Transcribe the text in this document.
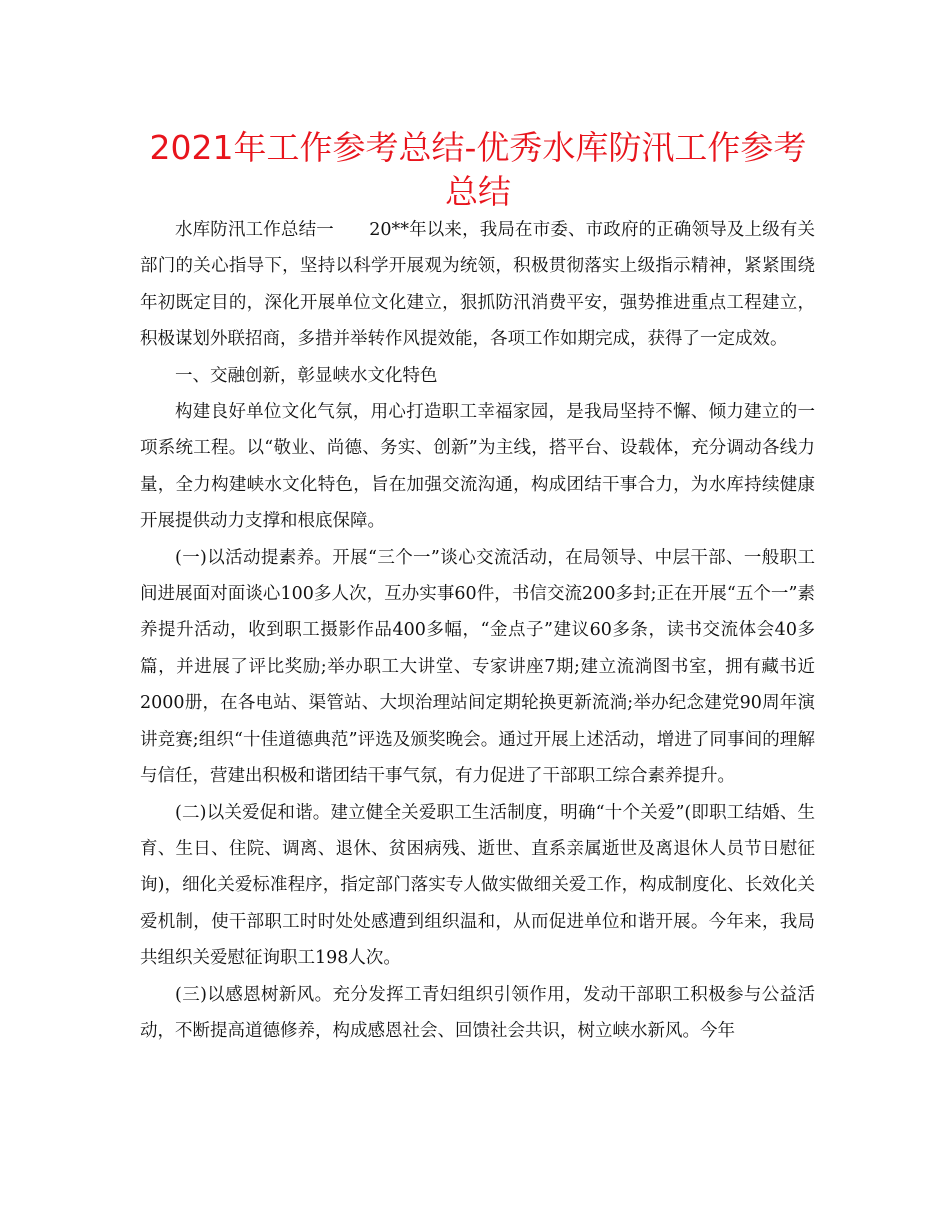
2021年工作参考总结-优秀水库防汛工作参考总结

水库防汛工作总结一　　20**年以来，我局在市委、市政府的正确领导及上级有关部门的关心指导下，坚持以科学开展观为统领，积极贯彻落实上级指示精神，紧紧围绕年初既定目的，深化开展单位文化建立，狠抓防汛消费平安，强势推进重点工程建立，积极谋划外联招商，多措并举转作风提效能，各项工作如期完成，获得了一定成效。

一、交融创新，彰显峡水文化特色

构建良好单位文化气氛，用心打造职工幸福家园，是我局坚持不懈、倾力建立的一项系统工程。以“敬业、尚德、务实、创新”为主线，搭平台、设载体，充分调动各线力量，全力构建峡水文化特色，旨在加强交流沟通，构成团结干事合力，为水库持续健康开展提供动力支撑和根底保障。

(一)以活动提素养。开展“三个一”谈心交流活动，在局领导、中层干部、一般职工间进展面对面谈心100多人次，互办实事60件，书信交流200多封;正在开展“五个一”素养提升活动，收到职工摄影作品400多幅，“金点子”建议60多条，读书交流体会40多篇，并进展了评比奖励;举办职工大讲堂、专家讲座7期;建立流淌图书室，拥有藏书近2000册，在各电站、渠管站、大坝治理站间定期轮换更新流淌;举办纪念建党90周年演讲竞赛;组织“十佳道德典范”评选及颁奖晚会。通过开展上述活动，增进了同事间的理解与信任，营建出积极和谐团结干事气氛，有力促进了干部职工综合素养提升。

(二)以关爱促和谐。建立健全关爱职工生活制度，明确“十个关爱”(即职工结婚、生育、生日、住院、调离、退休、贫困病残、逝世、直系亲属逝世及离退休人员节日慰征询)，细化关爱标准程序，指定部门落实专人做实做细关爱工作，构成制度化、长效化关爱机制，使干部职工时时处处感遭到组织温和，从而促进单位和谐开展。今年来，我局共组织关爱慰征询职工198人次。

(三)以感恩树新风。充分发挥工青妇组织引领作用，发动干部职工积极参与公益活动，不断提高道德修养，构成感恩社会、回馈社会共识，树立峡水新风。今年
